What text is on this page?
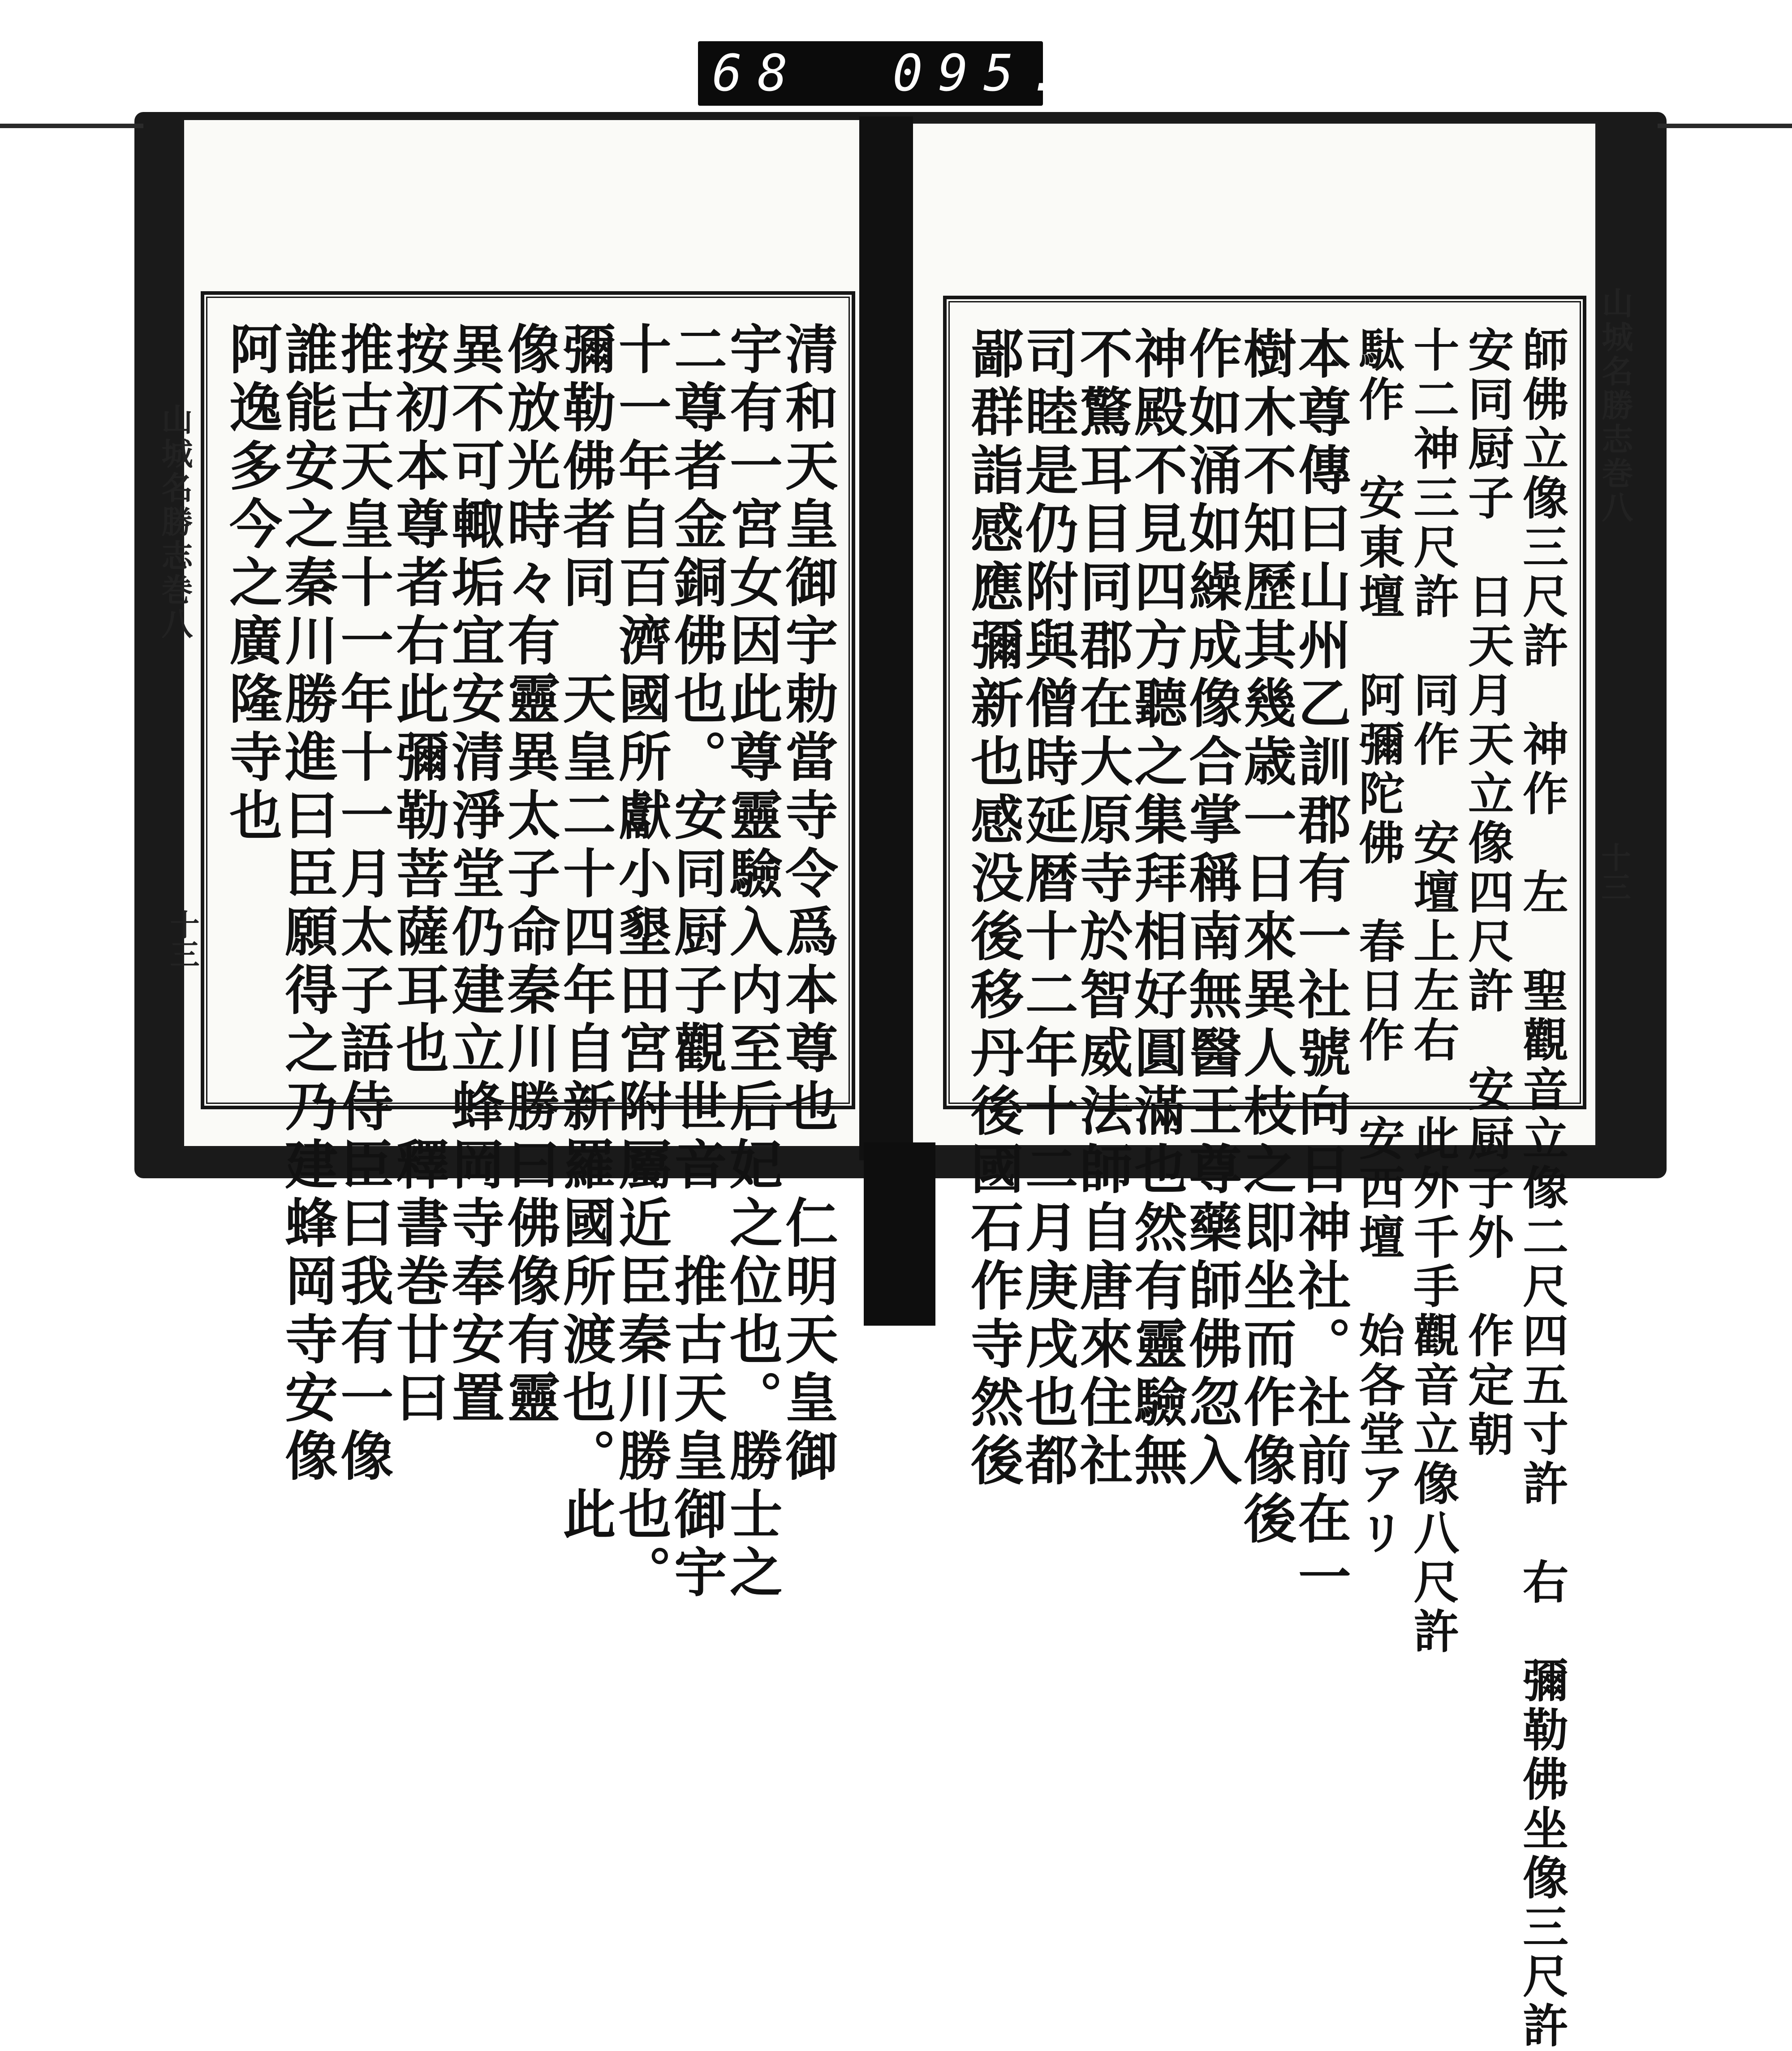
868 095.
山城名勝志巻八
十三
山城名勝志巻八
十三
清和天皇御宇勅當寺令爲本尊也　仁明天皇御
宇有一宮女因此尊靈驗入内至后妃之位也。勝士之
二尊者金銅佛也。安同厨子觀世音　推古天皇御宇
十一年自百濟國所獻小墾田宮附屬近臣秦川勝也。
彌勒佛者同　天皇二十四年自新羅國所渡也。此
像放光時々有靈異太子命秦川勝曰佛像有靈
異不可輙垢宜安清淨堂仍建立蜂岡寺奉安置
按初本尊者右此彌勒菩薩耳也　釋書巻廿曰
推古天皇十一年十一月太子語侍臣曰我有一像
誰能安之秦川勝進曰臣願得之乃建蜂岡寺安像
阿逸多今之廣隆寺也	師佛立像三尺許　神作　左　聖觀音立像二尺四五寸許　右　彌勒佛坐像三尺許
安同厨子　日天月天立像四尺許　安厨子外　作定朝
十二神三尺許　同作　安壇上左右　此外千手觀音立像八尺許
駄作　安東壇　阿彌陀佛　春日作　安西壇　始各堂アリ
本尊傳曰山州乙訓郡有一社號向日神社。社前在一
樹木不知歷其幾歳一日來異人枝之即坐而作像後
作如涌如繰成像合掌稱南無醫王尊藥師佛忽入
神殿不見四方聽之集拜相好圓滿也然有靈驗無
不驚耳目同郡在大原寺於智威法師自唐來住社
司睦是仍附與僧時延暦十二年十二月庚戌也都
鄙群詣感應彌新也感没後移丹後國石作寺然後
